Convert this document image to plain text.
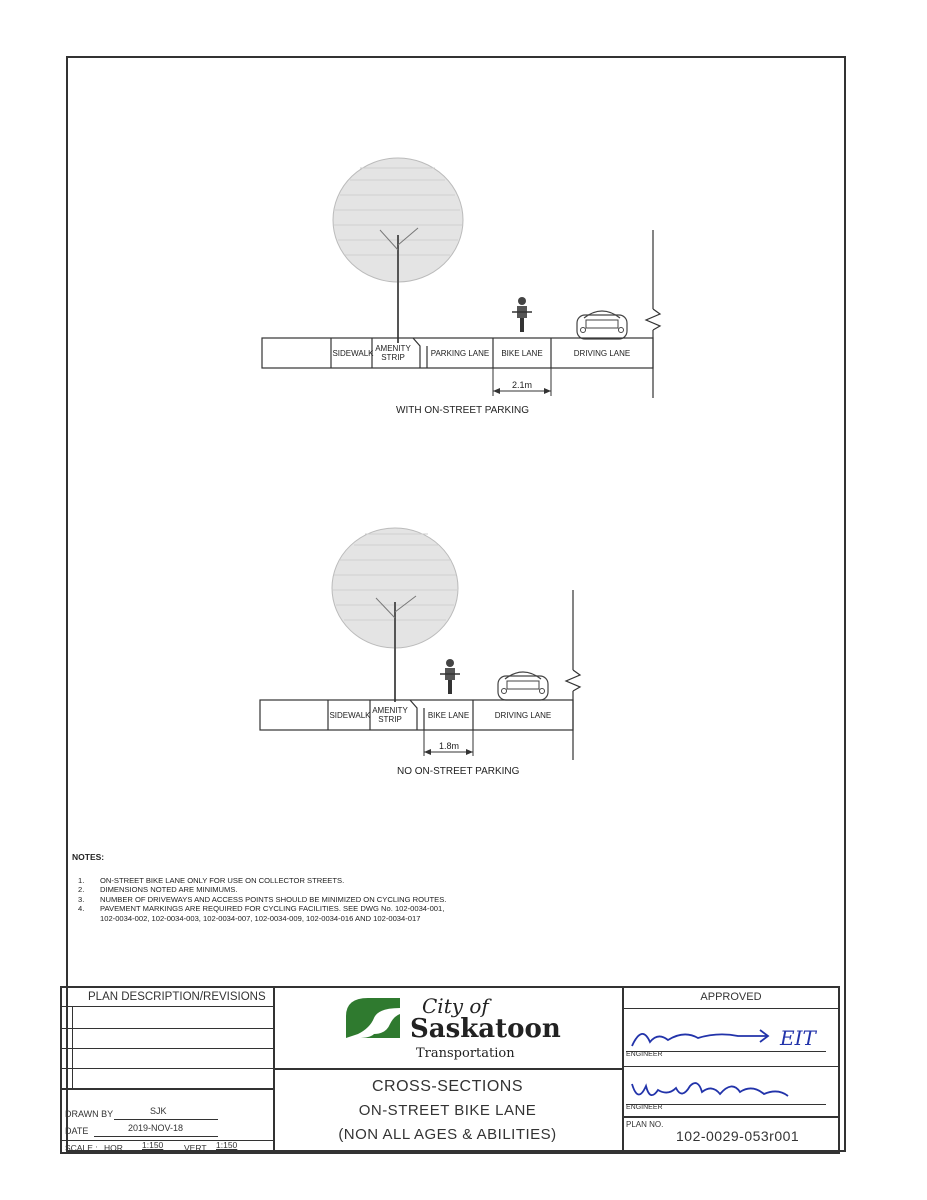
SIDEWALK
AMENITY
STRIP	PARKING LANE	BIKE LANE	DRIVING LANE
2.1m
WITH ON-STREET PARKING
SIDEWALK
AMENITY
STRIP	BIKE LANE	DRIVING LANE
1.8m
NO ON-STREET PARKING
NOTES:
1.	ON-STREET BIKE LANE ONLY FOR USE ON COLLECTOR STREETS.
2.	DIMENSIONS NOTED ARE MINIMUMS.
3.	NUMBER OF DRIVEWAYS AND ACCESS POINTS SHOULD BE MINIMIZED ON CYCLING ROUTES.
4.	PAVEMENT MARKINGS ARE REQUIRED FOR CYCLING FACILITIES. SEE DWG No. 102-0034-001,
102-0034-002, 102-0034-003, 102-0034-007, 102-0034-009, 102-0034-016 AND 102-0034-017
PLAN DESCRIPTION/REVISIONS
DRAWN BY	SJK
DATE	2019-NOV-18
SCALE : HOR. 1:150 VERT. 1:150
City of
Saskatoon
Transportation
CROSS-SECTIONS
ON-STREET BIKE LANE
(NON ALL AGES & ABILITIES)
APPROVED
EIT
ENGINEER
ENGINEER
PLAN NO.
102-0029-053r001
